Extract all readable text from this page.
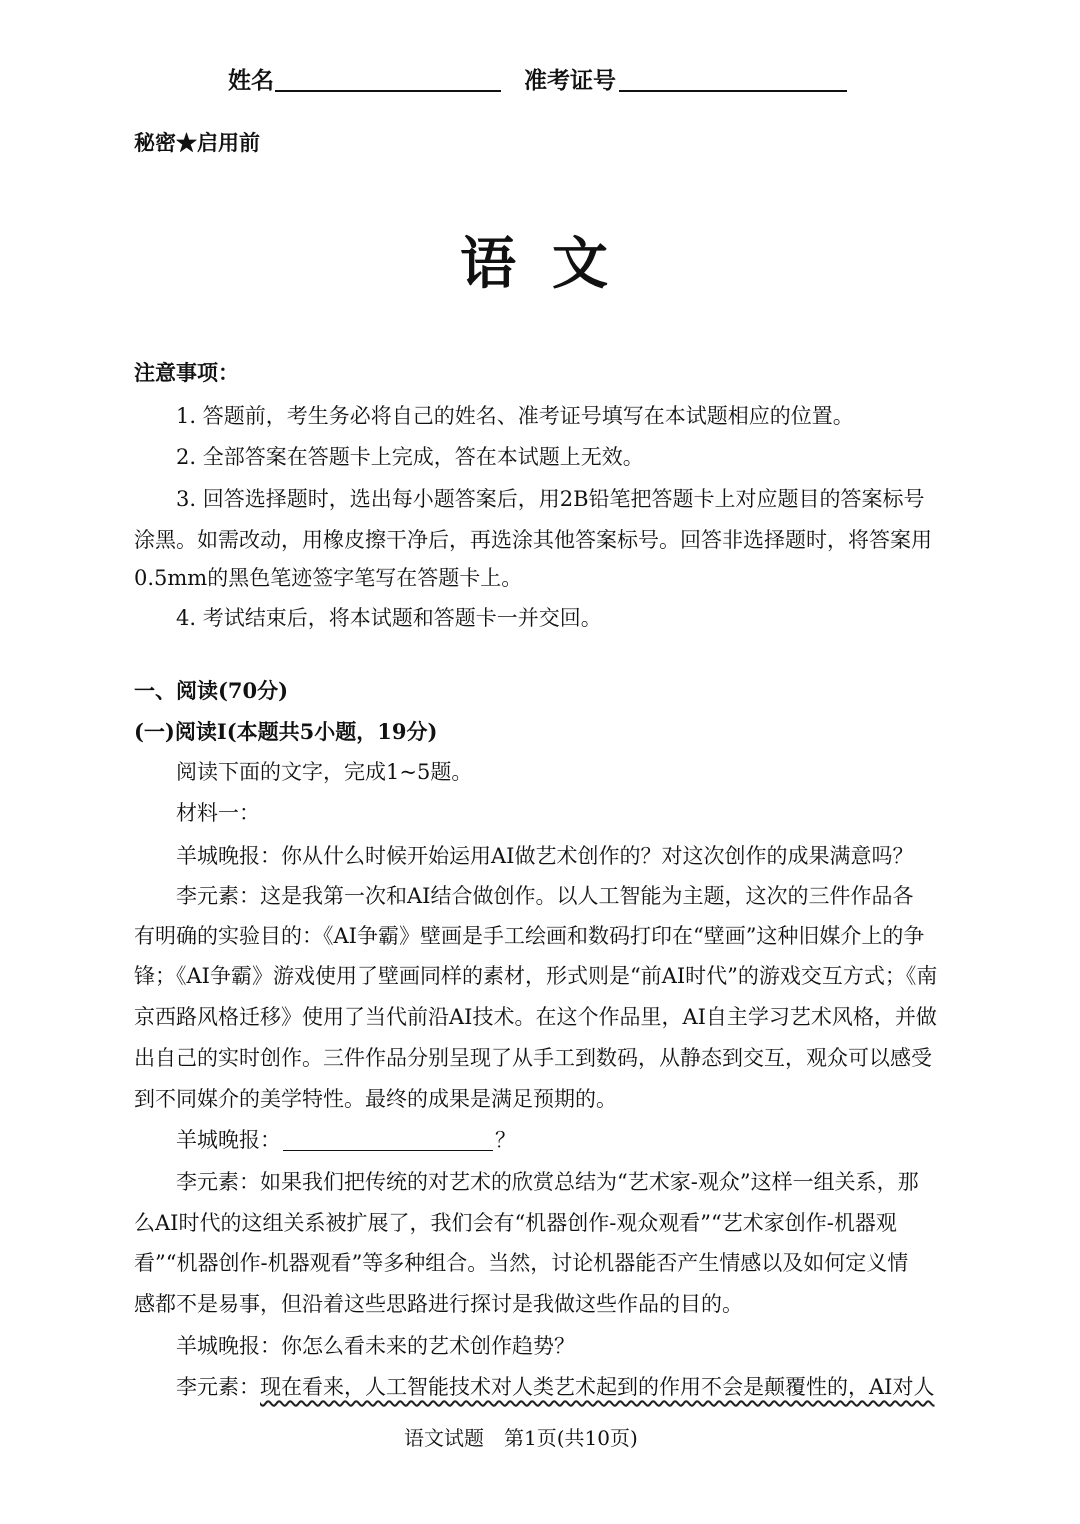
姓名	准考证号
秘密★启用前
语文
注意事项：
1. 答题前，考生务必将自己的姓名、准考证号填写在本试题相应的位置。
2. 全部答案在答题卡上完成，答在本试题上无效。
3. 回答选择题时，选出每小题答案后，用2B铅笔把答题卡上对应题目的答案标号
涂黑。如需改动，用橡皮擦干净后，再选涂其他答案标号。回答非选择题时，将答案用
0.5mm的黑色笔迹签字笔写在答题卡上。
4. 考试结束后，将本试题和答题卡一并交回。
一、阅读(70分)
(一)阅读Ⅰ(本题共5小题，19分)
阅读下面的文字，完成1~5题。
材料一：
羊城晚报：你从什么时候开始运用AI做艺术创作的？对这次创作的成果满意吗？
李元素：这是我第一次和AI结合做创作。以人工智能为主题，这次的三件作品各
有明确的实验目的：《AI争霸》壁画是手工绘画和数码打印在“壁画”这种旧媒介上的争
锋；《AI争霸》游戏使用了壁画同样的素材，形式则是“前AI时代”的游戏交互方式；《南
京西路风格迁移》使用了当代前沿AI技术。在这个作品里，AI自主学习艺术风格，并做
出自己的实时创作。三件作品分别呈现了从手工到数码，从静态到交互，观众可以感受
到不同媒介的美学特性。最终的成果是满足预期的。
羊城晚报：	？
李元素：如果我们把传统的对艺术的欣赏总结为“艺术家-观众”这样一组关系，那
么AI时代的这组关系被扩展了，我们会有“机器创作-观众观看”“艺术家创作-机器观
看”“机器创作-机器观看”等多种组合。当然，讨论机器能否产生情感以及如何定义情
感都不是易事，但沿着这些思路进行探讨是我做这些作品的目的。
羊城晚报：你怎么看未来的艺术创作趋势？
李元素：现在看来，人工智能技术对人类艺术起到的作用不会是颠覆性的，AI对人
语文试题　第1页(共10页)
